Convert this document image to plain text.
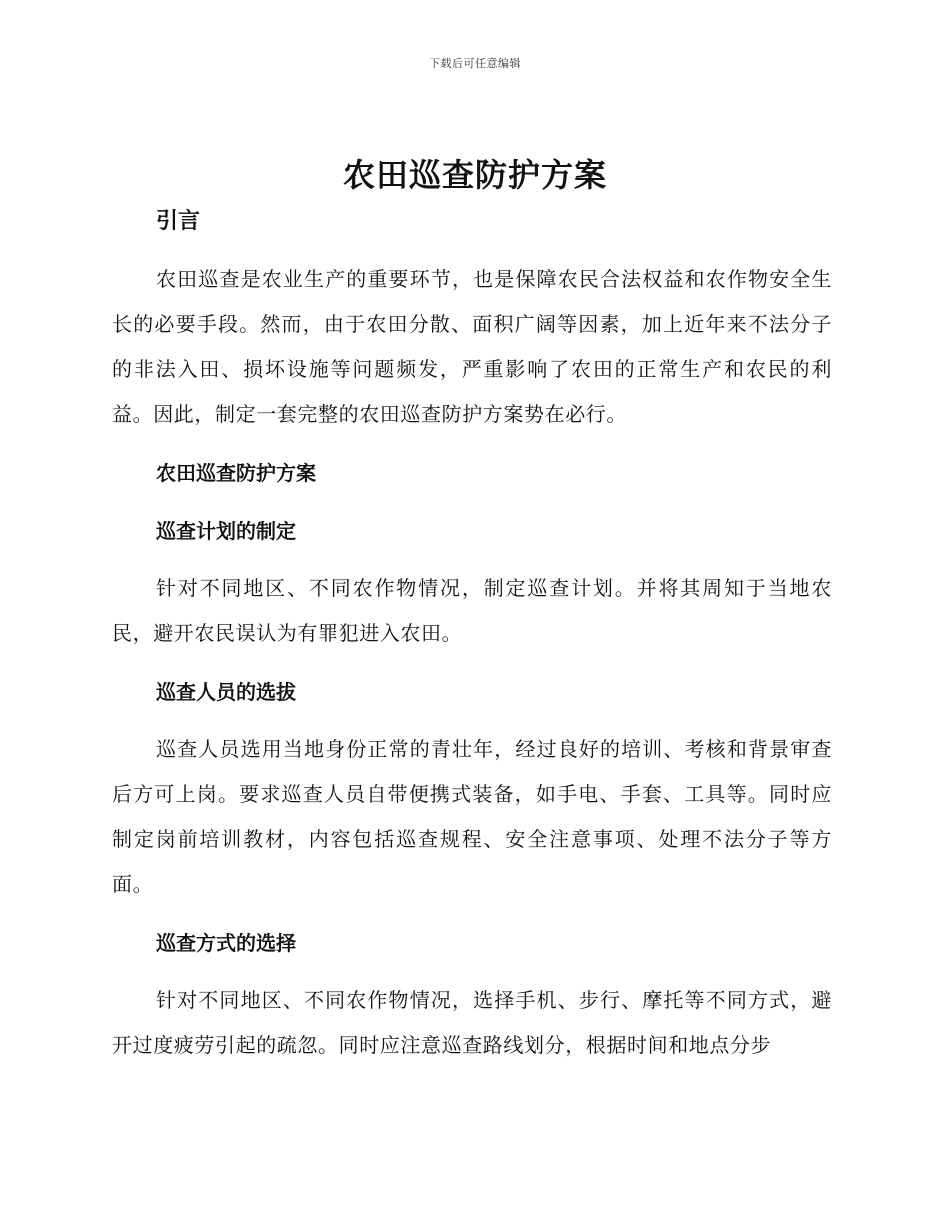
下载后可任意编辑
农田巡查防护方案
引言

农田巡查是农业生产的重要环节，也是保障农民合法权益和农作物安全生长的必要手段。然而，由于农田分散、面积广阔等因素，加上近年来不法分子的非法入田、损坏设施等问题频发，严重影响了农田的正常生产和农民的利益。因此，制定一套完整的农田巡查防护方案势在必行。

农田巡查防护方案
巡查计划的制定

针对不同地区、不同农作物情况，制定巡查计划。并将其周知于当地农民，避开农民误认为有罪犯进入农田。

巡查人员的选拔

巡查人员选用当地身份正常的青壮年，经过良好的培训、考核和背景审查后方可上岗。要求巡查人员自带便携式装备，如手电、手套、工具等。同时应制定岗前培训教材，内容包括巡查规程、安全注意事项、处理不法分子等方面。

巡查方式的选择

针对不同地区、不同农作物情况，选择手机、步行、摩托等不同方式，避开过度疲劳引起的疏忽。同时应注意巡查路线划分，根据时间和地点分步
